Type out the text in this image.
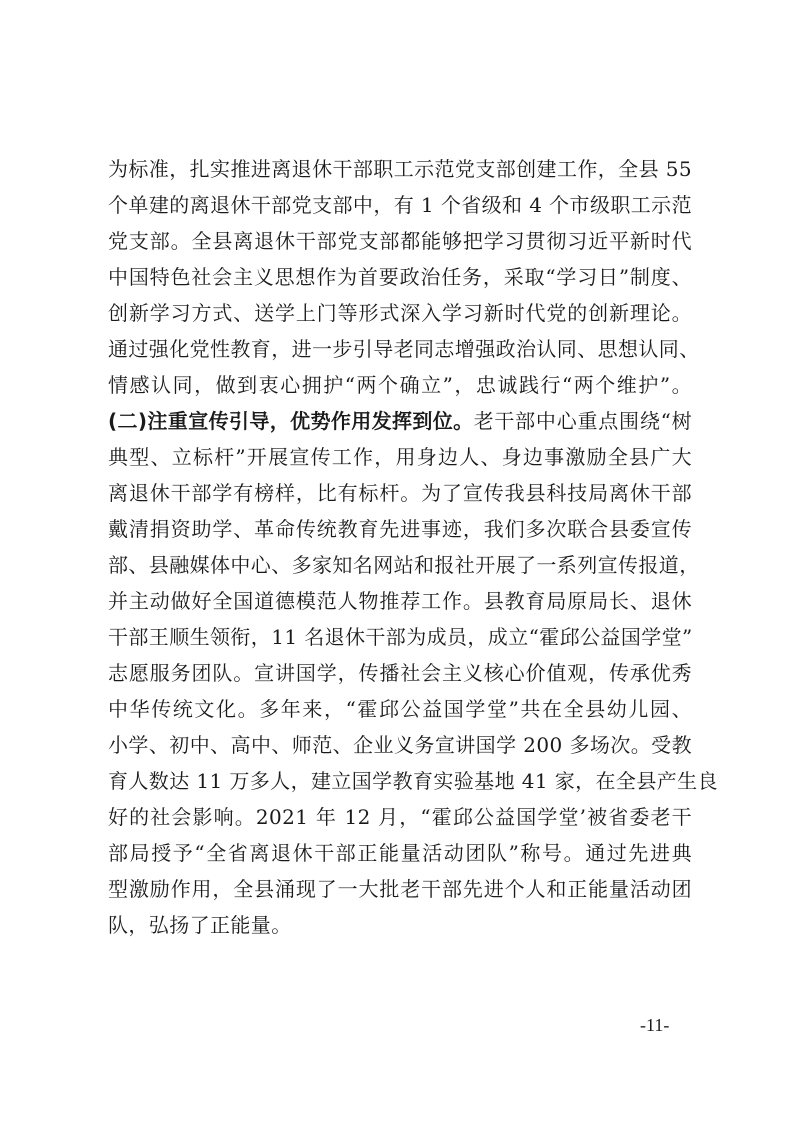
为标准，扎实推进离退休干部职工示范党支部创建工作，全县 55
个单建的离退休干部党支部中，有 1 个省级和 4 个市级职工示范
党支部。全县离退休干部党支部都能够把学习贯彻习近平新时代
中国特色社会主义思想作为首要政治任务，采取“学习日”制度、
创新学习方式、送学上门等形式深入学习新时代党的创新理论。
通过强化党性教育，进一步引导老同志增强政治认同、思想认同、
情感认同，做到衷心拥护“两个确立”，忠诚践行“两个维护”。
(二)注重宣传引导，优势作用发挥到位。老干部中心重点围绕“树
典型、立标杆”开展宣传工作，用身边人、身边事激励全县广大
离退休干部学有榜样，比有标杆。为了宣传我县科技局离休干部
戴清捐资助学、革命传统教育先进事迹，我们多次联合县委宣传
部、县融媒体中心、多家知名网站和报社开展了一系列宣传报道，
并主动做好全国道德模范人物推荐工作。县教育局原局长、退休
干部王顺生领衔，11 名退休干部为成员，成立“霍邱公益国学堂”
志愿服务团队。宣讲国学，传播社会主义核心价值观，传承优秀
中华传统文化。多年来，“霍邱公益国学堂”共在全县幼儿园、
小学、初中、高中、师范、企业义务宣讲国学 200 多场次。受教
育人数达 11 万多人，建立国学教育实验基地 41 家，在全县产生良
好的社会影响。2021 年 12 月，“霍邱公益国学堂’被省委老干
部局授予“全省离退休干部正能量活动团队”称号。通过先进典
型激励作用，全县涌现了一大批老干部先进个人和正能量活动团
队，弘扬了正能量。
-11-
